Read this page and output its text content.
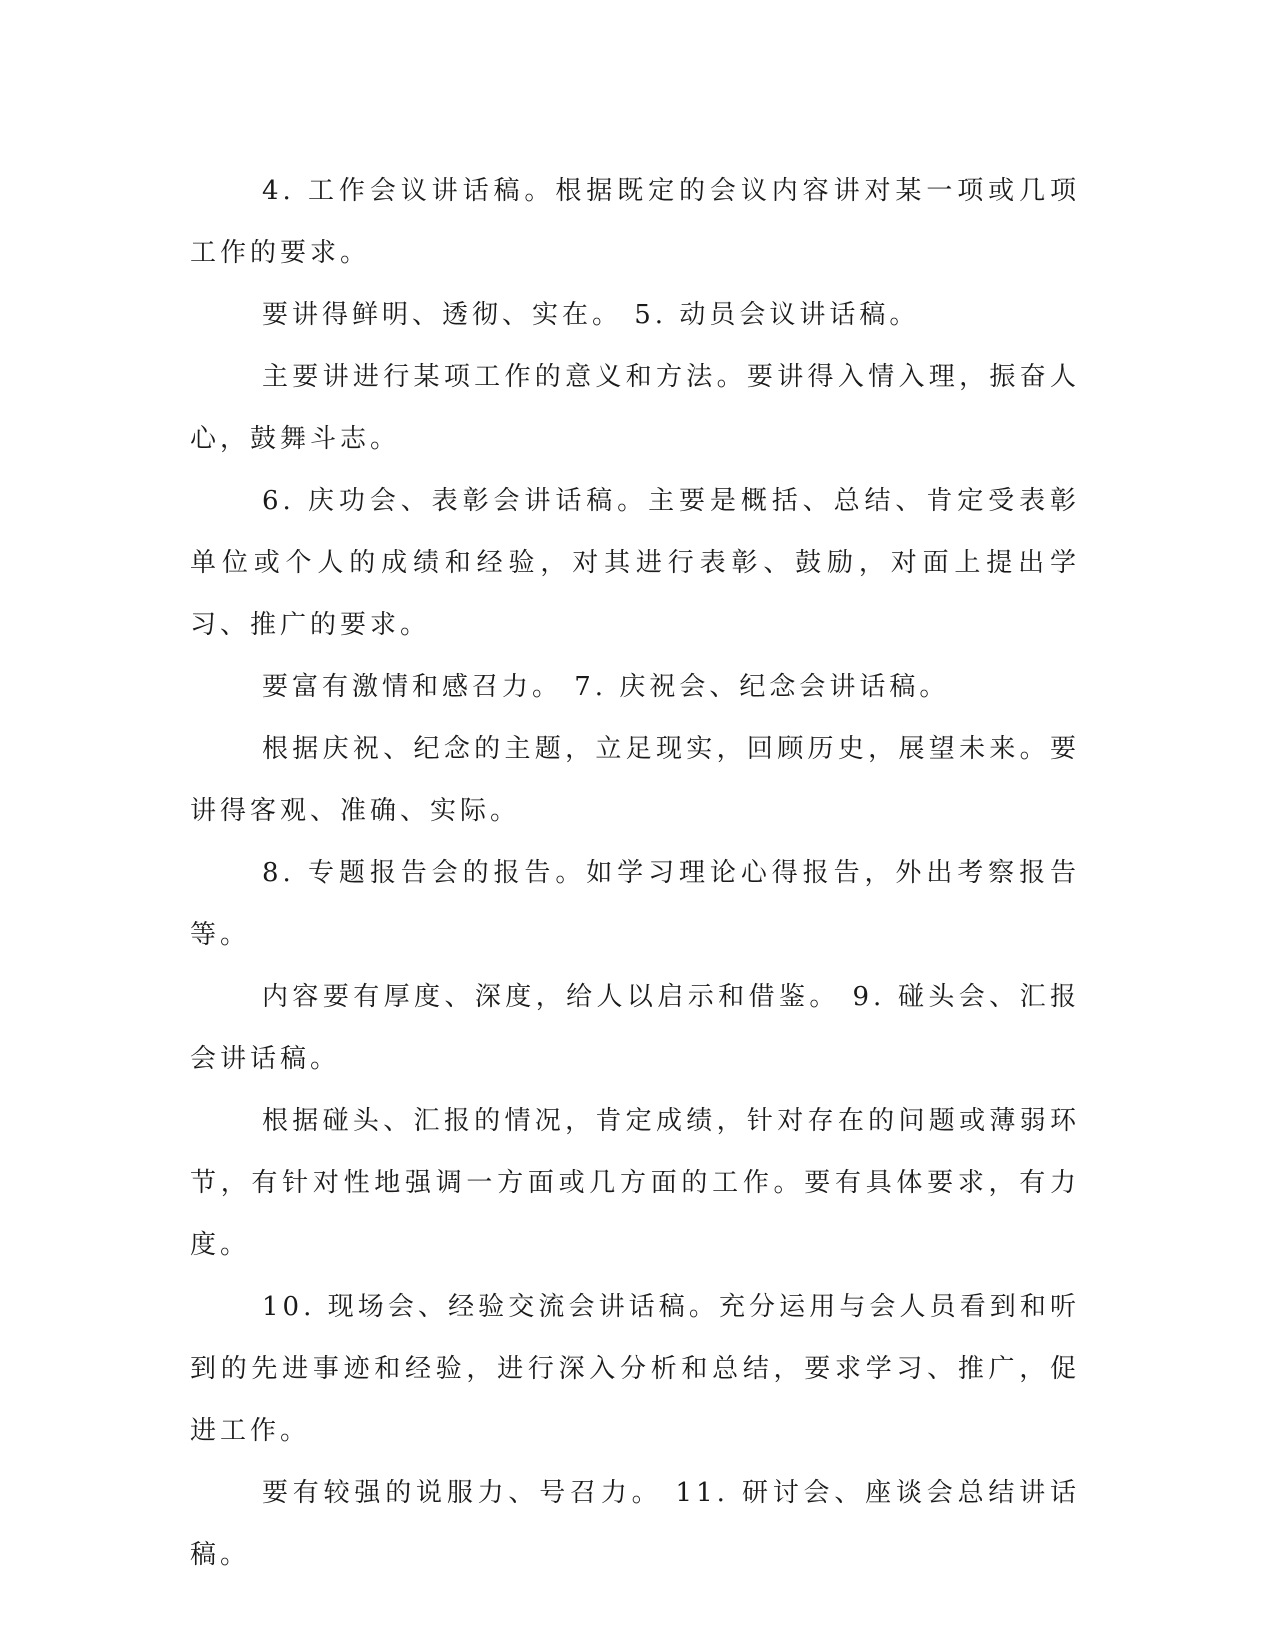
4. 工作会议讲话稿。根据既定的会议内容讲对某一项或几项工作的要求。

要讲得鲜明、透彻、实在。 5. 动员会议讲话稿。

主要讲进行某项工作的意义和方法。要讲得入情入理，振奋人心，鼓舞斗志。

6. 庆功会、表彰会讲话稿。主要是概括、总结、肯定受表彰单位或个人的成绩和经验，对其进行表彰、鼓励，对面上提出学习、推广的要求。

要富有激情和感召力。 7. 庆祝会、纪念会讲话稿。

根据庆祝、纪念的主题，立足现实，回顾历史，展望未来。要讲得客观、准确、实际。

8. 专题报告会的报告。如学习理论心得报告，外出考察报告等。

内容要有厚度、深度，给人以启示和借鉴。 9. 碰头会、汇报会讲话稿。

根据碰头、汇报的情况，肯定成绩，针对存在的问题或薄弱环节，有针对性地强调一方面或几方面的工作。要有具体要求，有力度。

10. 现场会、经验交流会讲话稿。充分运用与会人员看到和听到的先进事迹和经验，进行深入分析和总结，要求学习、推广，促进工作。

要有较强的说服力、号召力。 11. 研讨会、座谈会总结讲话稿。
